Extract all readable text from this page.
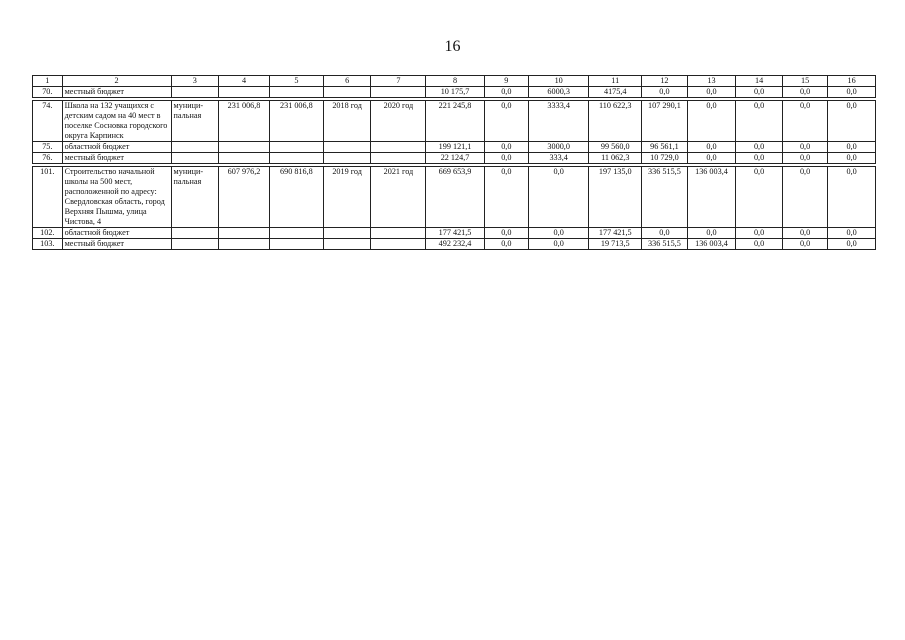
16
1	2	3	4	5	6	7	8	9	10	11	12	13	14	15	16
70.	местный бюджет						10 175,7	0,0	6000,3	4175,4	0,0	0,0	0,0	0,0	0,0

74.	Школа на 132 учащихся с детским садом на 40 мест в поселке Сосновка городского округа Карпинск	муници-пальная	231 006,8	231 006,8	2018 год	2020 год	221 245,8	0,0	3333,4	110 622,3	107 290,1	0,0	0,0	0,0	0,0
75.	областной бюджет						199 121,1	0,0	3000,0	99 560,0	96 561,1	0,0	0,0	0,0	0,0
76.	местный бюджет						22 124,7	0,0	333,4	11 062,3	10 729,0	0,0	0,0	0,0	0,0

101.	Строительство начальной школы на 500 мест, расположенной по адресу: Свердловская область, город Верхняя Пышма, улица Чистова, 4	муници-пальная	607 976,2	690 816,8	2019 год	2021 год	669 653,9	0,0	0,0	197 135,0	336 515,5	136 003,4	0,0	0,0	0,0
102.	областной бюджет						177 421,5	0,0	0,0	177 421,5	0,0	0,0	0,0	0,0	0,0
103.	местный бюджет						492 232,4	0,0	0,0	19 713,5	336 515,5	136 003,4	0,0	0,0	0,0
